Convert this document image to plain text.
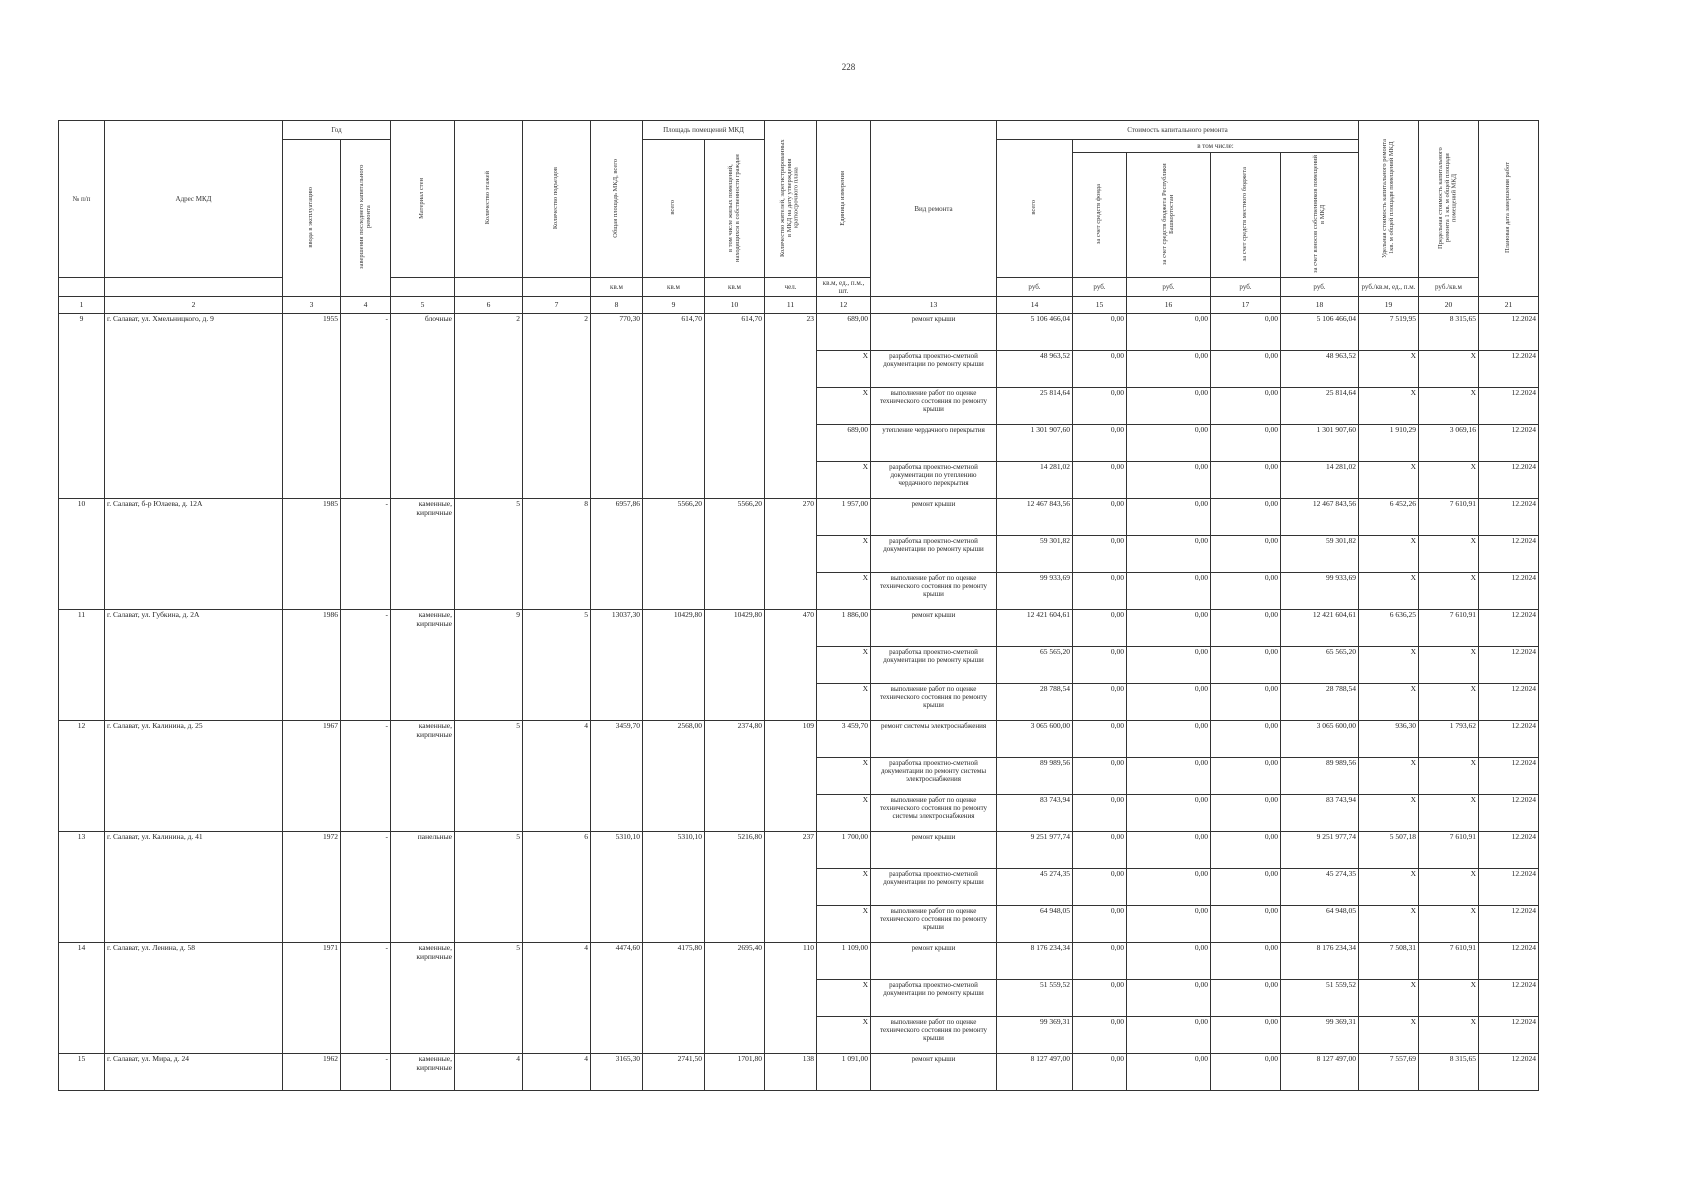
228
№ п/п	Адрес МКД	Год		Материал стен	Количество этажей	Количество подъездов	Общая площадь МКД, всего	Площадь помещений МКД		Количество жителей, зарегистрированных в МКД на дату утверждения краткосрочного плана	Единица измерения	Вид ремонта	Стоимость капитального ремонта					Удельная стоимость капитального ремонта 1кв. м общей площади помещений МКД	Предельная стоимость капитального ремонта 1 кв. м общей площади помещений МКД	Плановая дата завершения работ
		ввода в эксплуатацию	завершения последнего капитального ремонта					всего	в том числе жилых помещений, находящихся в собственности граждан				всего	в том числе:						
														за счет средств фонда	за счет средств бюджета Республики Башкортостан	за счет средств местного бюджета	за счет взносов собственников помещений в МКД			
							кв.м	кв.м	кв.м	чел.	кв.м, ед., п.м., шт.		руб.	руб.	руб.	руб.	руб.	руб./кв.м, ед., п.м.	руб./кв.м	
1	2	3	4	5	6	7	8	9	10	11	12	13	14	15	16	17	18	19	20	21
9	г. Салават, ул. Хмельницкого, д. 9	1955	-	блочные	2	2	770,30	614,70	614,70	23	689,00	ремонт крыши	5 106 466,04	0,00	0,00	0,00	5 106 466,04	7 519,95	8 315,65	12.2024
											X	разработка проектно-сметной документации по ремонту крыши	48 963,52	0,00	0,00	0,00	48 963,52	X	X	12.2024
											X	выполнение работ по оценке технического состояния по ремонту крыши	25 814,64	0,00	0,00	0,00	25 814,64	X	X	12.2024
											689,00	утепление чердачного перекрытия	1 301 907,60	0,00	0,00	0,00	1 301 907,60	1 910,29	3 069,16	12.2024
											X	разработка проектно-сметной документации по утеплению чердачного перекрытия	14 281,02	0,00	0,00	0,00	14 281,02	X	X	12.2024
10	г. Салават, б-р Юлаева, д. 12А	1985	-	каменные, кирпичные	5	8	6957,86	5566,20	5566,20	270	1 957,00	ремонт крыши	12 467 843,56	0,00	0,00	0,00	12 467 843,56	6 452,26	7 610,91	12.2024
											X	разработка проектно-сметной документации по ремонту крыши	59 301,82	0,00	0,00	0,00	59 301,82	X	X	12.2024
											X	выполнение работ по оценке технического состояния по ремонту крыши	99 933,69	0,00	0,00	0,00	99 933,69	X	X	12.2024
11	г. Салават, ул. Губкина, д. 2А	1986	-	каменные, кирпичные	9	5	13037,30	10429,80	10429,80	470	1 886,00	ремонт крыши	12 421 604,61	0,00	0,00	0,00	12 421 604,61	6 636,25	7 610,91	12.2024
											X	разработка проектно-сметной документации по ремонту крыши	65 565,20	0,00	0,00	0,00	65 565,20	X	X	12.2024
											X	выполнение работ по оценке технического состояния по ремонту крыши	28 788,54	0,00	0,00	0,00	28 788,54	X	X	12.2024
12	г. Салават, ул. Калинина, д. 25	1967	-	каменные, кирпичные	5	4	3459,70	2568,00	2374,80	109	3 459,70	ремонт системы электроснабжения	3 065 600,00	0,00	0,00	0,00	3 065 600,00	936,30	1 793,62	12.2024
											X	разработка проектно-сметной документации по ремонту системы электроснабжения	89 989,56	0,00	0,00	0,00	89 989,56	X	X	12.2024
											X	выполнение работ по оценке технического состояния по ремонту системы электроснабжения	83 743,94	0,00	0,00	0,00	83 743,94	X	X	12.2024
13	г. Салават, ул. Калинина, д. 41	1972	-	панельные	5	6	5310,10	5310,10	5216,80	237	1 700,00	ремонт крыши	9 251 977,74	0,00	0,00	0,00	9 251 977,74	5 507,18	7 610,91	12.2024
											X	разработка проектно-сметной документации по ремонту крыши	45 274,35	0,00	0,00	0,00	45 274,35	X	X	12.2024
											X	выполнение работ по оценке технического состояния по ремонту крыши	64 948,05	0,00	0,00	0,00	64 948,05	X	X	12.2024
14	г. Салават, ул. Ленина, д. 58	1971	-	каменные, кирпичные	5	4	4474,60	4175,80	2695,40	110	1 109,00	ремонт крыши	8 176 234,34	0,00	0,00	0,00	8 176 234,34	7 508,31	7 610,91	12.2024
											X	разработка проектно-сметной документации по ремонту крыши	51 559,52	0,00	0,00	0,00	51 559,52	X	X	12.2024
											X	выполнение работ по оценке технического состояния по ремонту крыши	99 369,31	0,00	0,00	0,00	99 369,31	X	X	12.2024
15	г. Салават, ул. Мира, д. 24	1962	-	каменные, кирпичные	4	4	3165,30	2741,50	1701,80	138	1 091,00	ремонт крыши	8 127 497,00	0,00	0,00	0,00	8 127 497,00	7 557,69	8 315,65	12.2024
